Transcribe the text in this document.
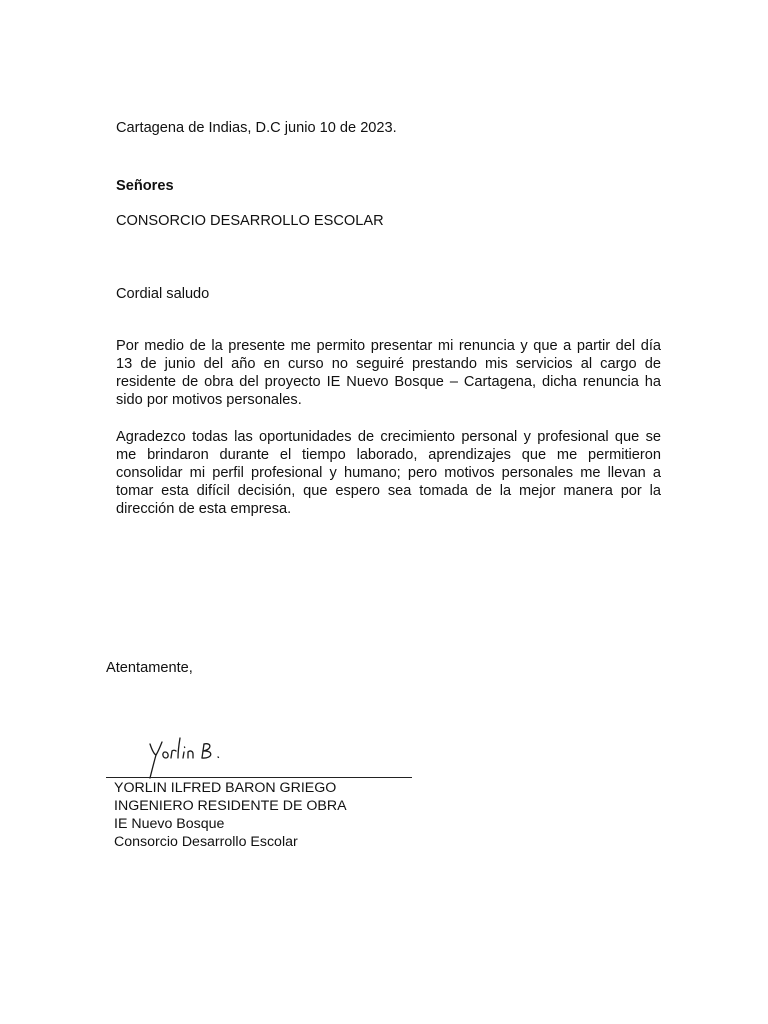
Cartagena de Indias, D.C junio 10 de 2023.
Señores
CONSORCIO DESARROLLO ESCOLAR
Cordial saludo
Por medio de la presente me permito presentar mi renuncia y que a partir del día
13 de junio del año en curso no seguiré prestando mis servicios al cargo de
residente de obra del proyecto IE Nuevo Bosque – Cartagena, dicha renuncia ha
sido por motivos personales.
Agradezco todas las oportunidades de crecimiento personal y profesional que se
me brindaron durante el tiempo laborado, aprendizajes que me permitieron
consolidar mi perfil profesional y humano; pero motivos personales me llevan a
tomar esta difícil decisión, que espero sea tomada de la mejor manera por la
dirección de esta empresa.
Atentamente,
YORLIN ILFRED BARON GRIEGO
INGENIERO RESIDENTE DE OBRA
IE Nuevo Bosque
Consorcio Desarrollo Escolar
